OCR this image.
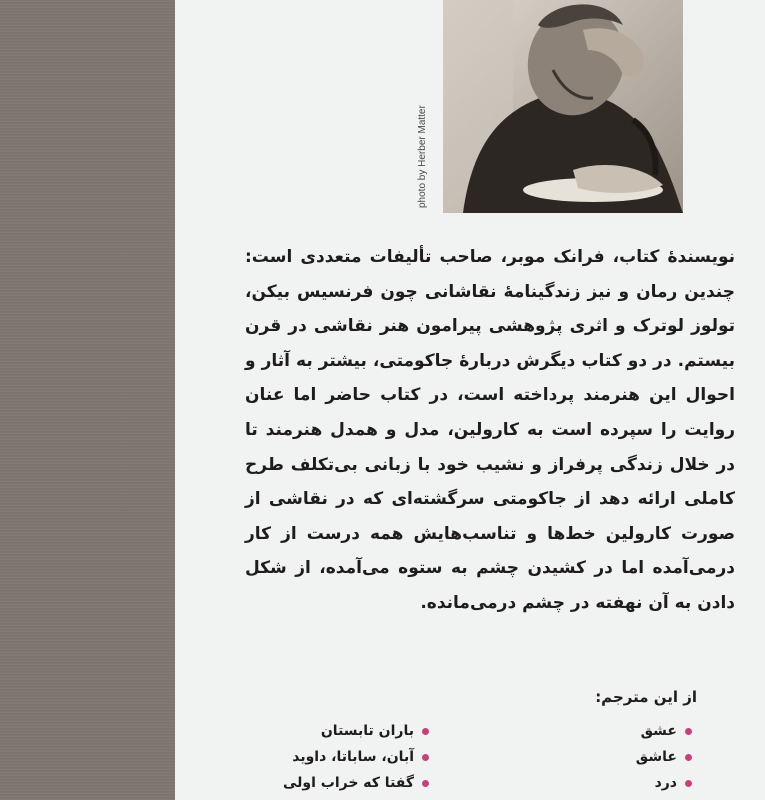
photo by Herber Matter

نویسندهٔ کتاب، فرانک موبر، صاحب تألیفات متعددی است: چندین رمان و نیز زندگینامهٔ نقاشانی چون فرنسیس بیکن، تولوز لوترک و اثری پژوهشی پیرامون هنر نقاشی در قرن بیستم. در دو کتاب دیگرش دربارهٔ جاکومتی، بیشتر به آثار و احوال این هنرمند پرداخته است، در کتاب حاضر اما عنان روایت را سپرده است به کارولین، مدل و همدل هنرمند تا در خلال زندگی پرفراز و نشیب خود با زبانی بی‌تکلف طرح کاملی ارائه دهد از جاکومتی سرگشته‌ای که در نقاشی از صورت کارولین خط‌ها و تناسب‌هایش همه درست از کار درمی‌آمده اما در کشیدن چشم به ستوه می‌آمده، از شکل دادن به آن نهفته در چشم درمی‌مانده.

از این مترجم:
عشق
عاشق
درد
باران تابستان
آبان، ساباتا، داوید
گفتا که خراب اولی
